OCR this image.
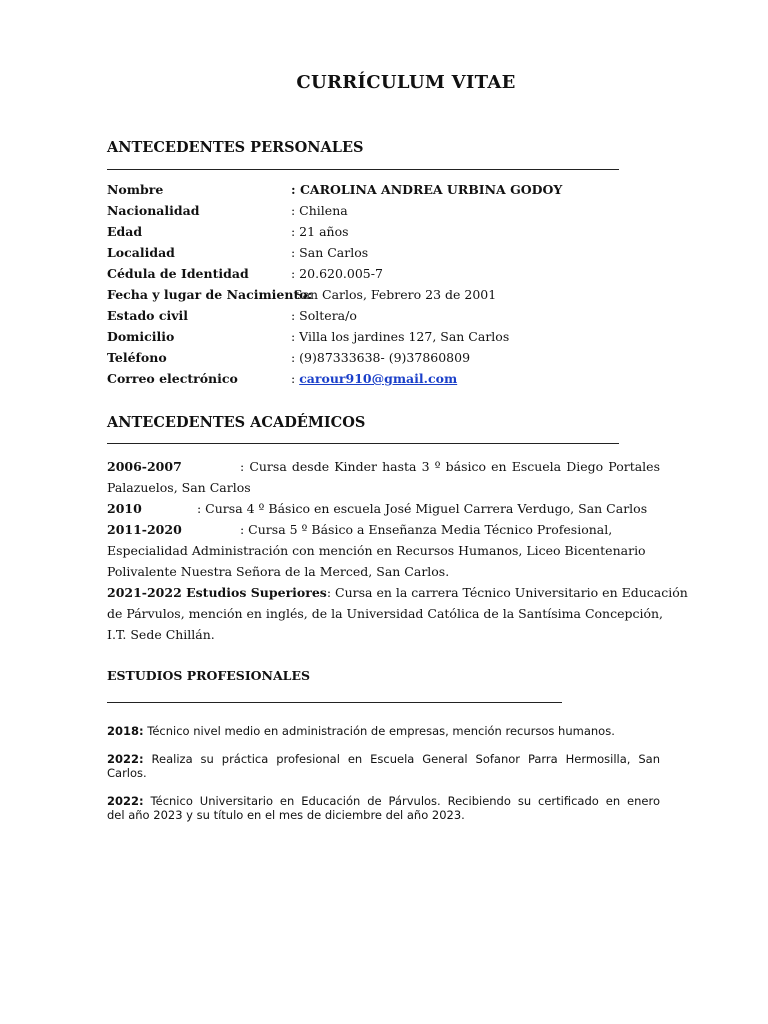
CURRÍCULUM VITAE
ANTECEDENTES PERSONALES
Nombre	: CAROLINA ANDREA URBINA GODOY
Nacionalidad	: Chilena
Edad	: 21 años
Localidad	: San Carlos
Cédula de Identidad	: 20.620.005-7
Fecha y lugar de Nacimiento:
San Carlos, Febrero 23 de 2001
Estado civil	: Soltera/o
Domicilio	: Villa los jardines 127, San Carlos
Teléfono	: (9)87333638- (9)37860809
Correo electrónico	: carour910@gmail.com
ANTECEDENTES ACADÉMICOS
2006-2007	: Cursa desde Kinder hasta 3 º básico en Escuela Diego Portales
Palazuelos, San Carlos
2010	: Cursa 4 º Básico en escuela José Miguel Carrera Verdugo, San Carlos
2011-2020	: Cursa 5 º Básico a Enseñanza Media Técnico Profesional,
Especialidad Administración con mención en Recursos Humanos, Liceo Bicentenario
Polivalente Nuestra Señora de la Merced, San Carlos.
2021-2022 Estudios Superiores: Cursa en la carrera Técnico Universitario en Educación
de Párvulos, mención en inglés, de la Universidad Católica de la Santísima Concepción,
I.T. Sede Chillán.
ESTUDIOS PROFESIONALES
2018: Técnico nivel medio en administración de empresas, mención recursos humanos.
2022: Realiza su práctica profesional en Escuela General Sofanor Parra Hermosilla, San
Carlos.
2022: Técnico Universitario en Educación de Párvulos. Recibiendo su certificado en enero
del año 2023 y su título en el mes de diciembre del año 2023.
